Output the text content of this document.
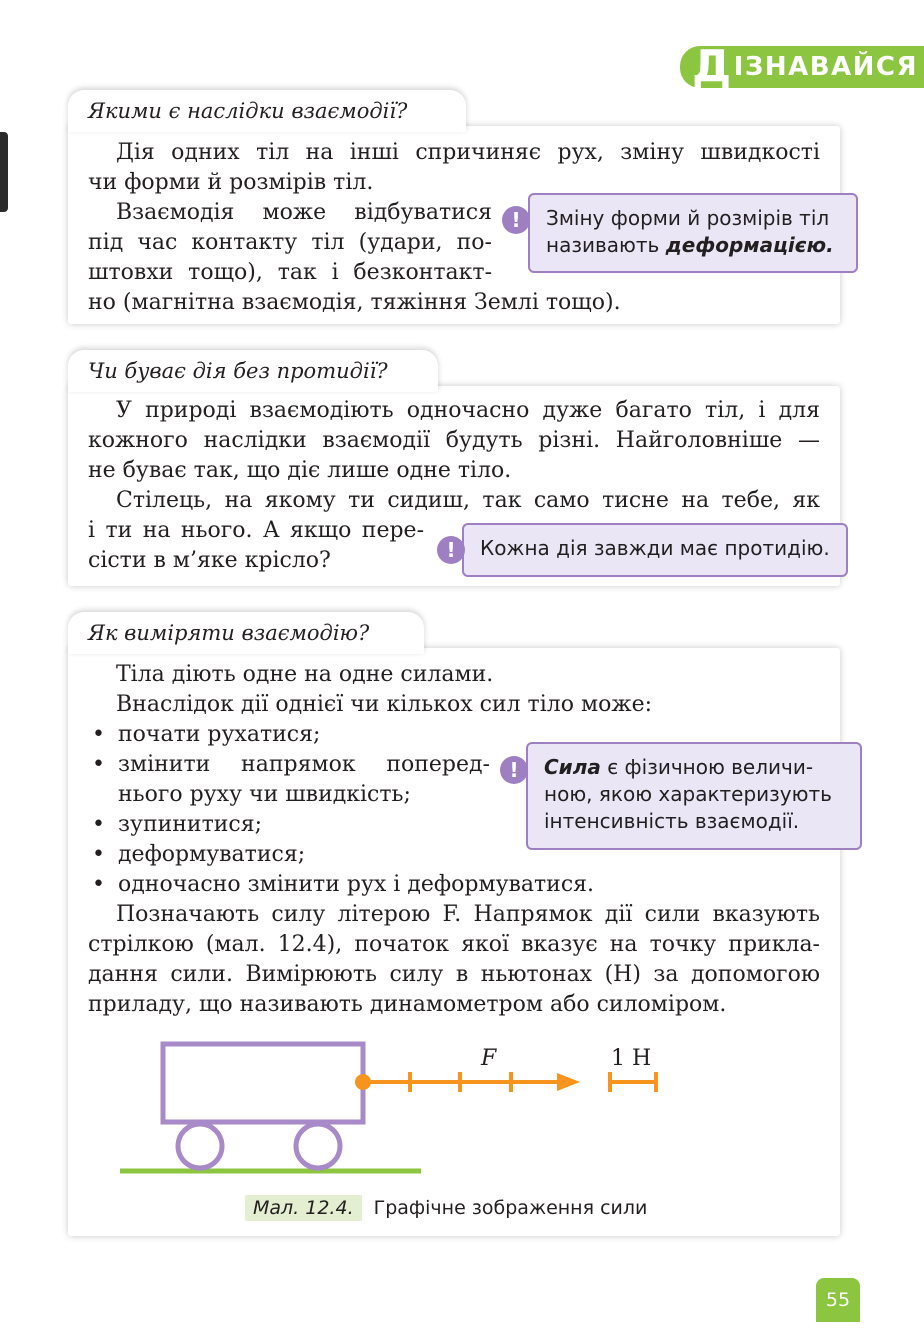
Д ІЗНАВАЙСЯ
Якими є наслідки взаємодії?
Дія одних тіл на інші спричиняє рух, зміну швидкості
чи форми й розмірів тіл.
Взаємодія може відбуватися
під час контакту тіл (удари, по-
штовхи тощо), так і безконтакт-
но (магнітна взаємодія, тяжіння Землі тощо).
!	Зміну форми й розмірів тіл
називають деформацією.
Чи буває дія без протидії?
У природі взаємодіють одночасно дуже багато тіл, і для
кожного наслідки взаємодії будуть різні. Найголовніше —
не буває так, що діє лише одне тіло.
Стілець, на якому ти сидиш, так само тисне на тебе, як
і ти на нього. А якщо пере-
сісти в м’яке крісло?	!	Кожна дія завжди має протидію.
Як виміряти взаємодію?
Тіла діють одне на одне силами.
Внаслідок дії однієї чи кількох сил тіло може:
• почати рухатися;
• змінити напрямок поперед-
нього руху чи швидкість;
• зупинитися;
• деформуватися;
• одночасно змінити рух і деформуватися.
Позначають силу літерою F. Напрямок дії сили вказують
стрілкою (мал. 12.4), початок якої вказує на точку прикла-
дання сили. Вимірюють силу в ньютонах (Н) за допомогою
приладу, що називають динамометром або силоміром.
!	Сила є фізичною величи-
ною, якою характеризують
інтенсивність взаємодії.
F	1 Н
Мал. 12.4.	Графічне зображення сили
55
